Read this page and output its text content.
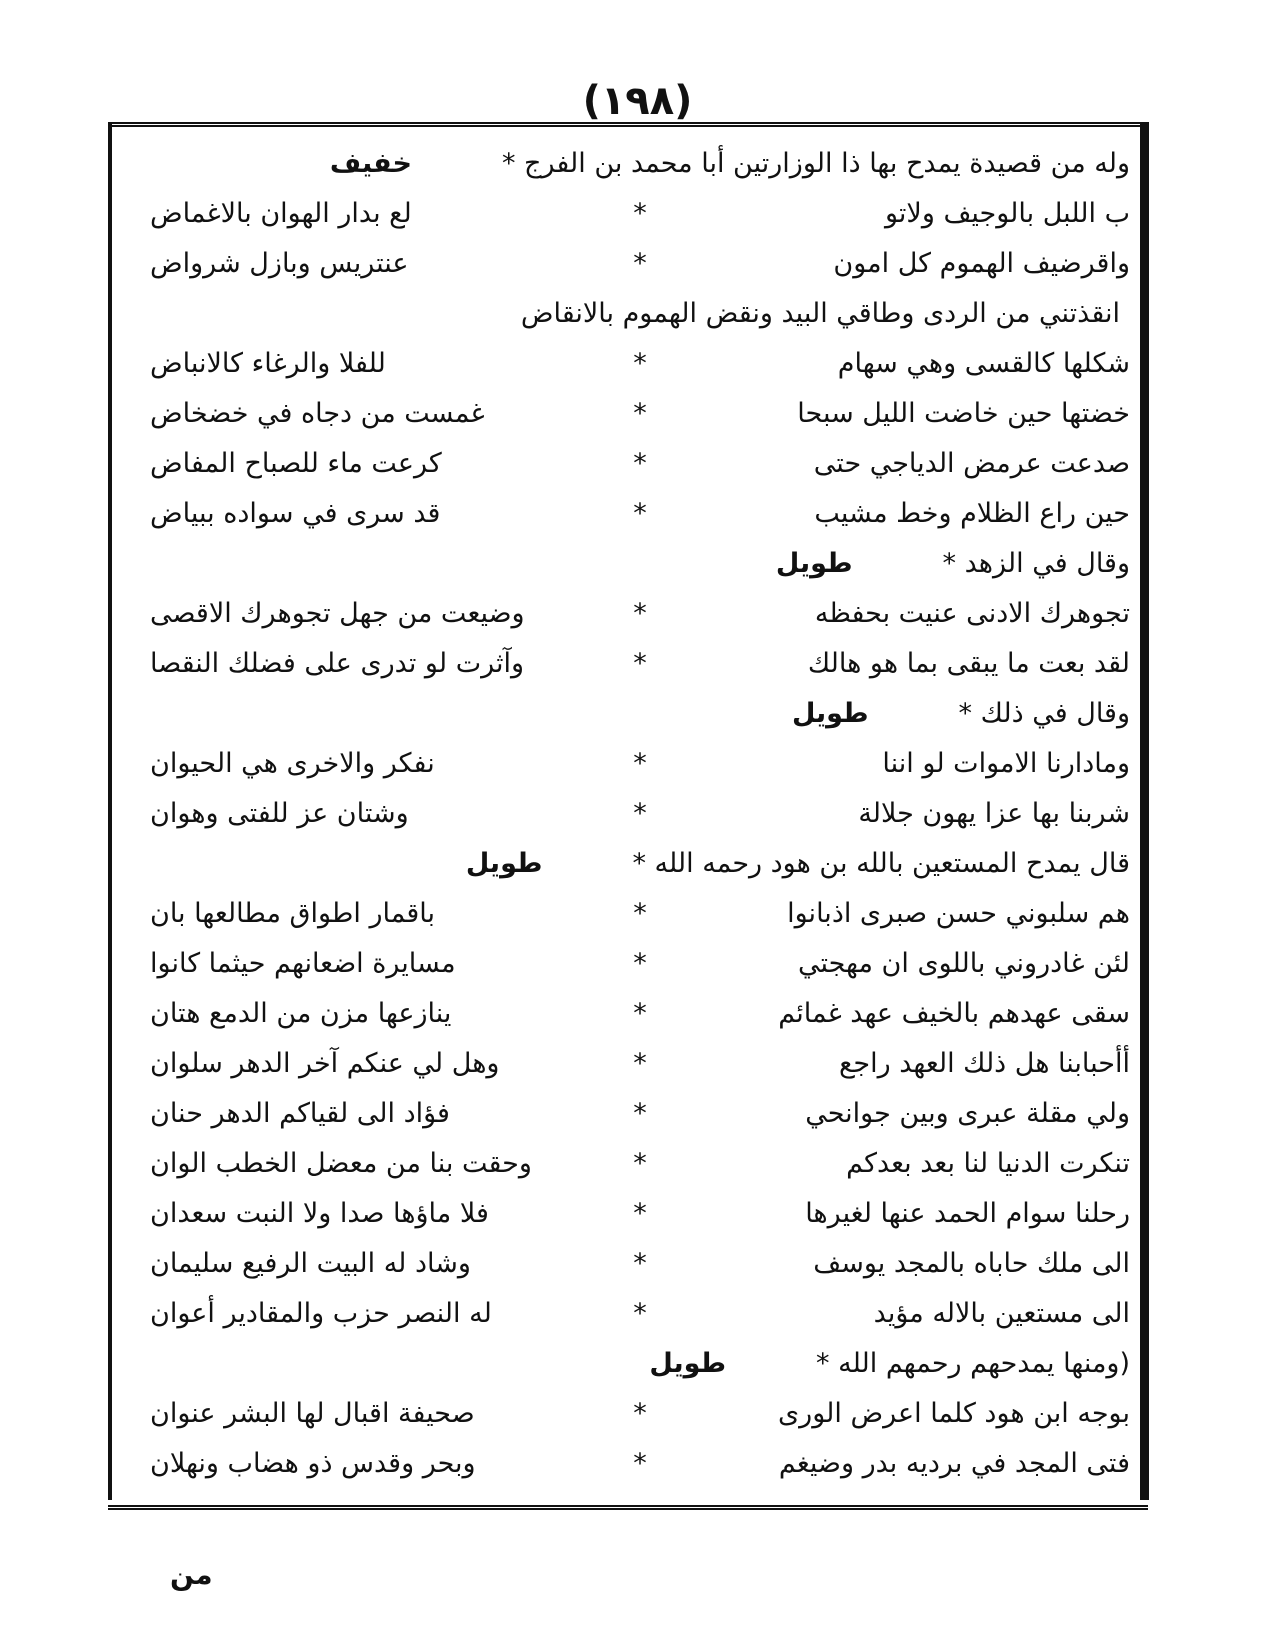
(١٩٨)
وله من قصيدة يمدح بها ذا الوزارتين أبا محمد بن الفرج *
خفيف
ب اللبل بالوجيف ولاتو
*
لع بدار الهوان بالاغماض
واقرضيف الهموم كل امون
*
عنتريس وبازل شرواض
انقذتني من الردى وطاقي البيد ونقض الهموم بالانقاض
شكلها كالقسى وهي سهام
*
للفلا والرغاء كالانباض
خضتها حين خاضت الليل سبحا
*
غمست من دجاه في خضخاض
صدعت عرمض الدياجي حتى
*
كرعت ماء للصباح المفاض
حين راع الظلام وخط مشيب
*
قد سرى في سواده ببياض
وقال في الزهد *
طويل
تجوهرك الادنى عنيت بحفظه
*
وضيعت من جهل تجوهرك الاقصى
لقد بعت ما يبقى بما هو هالك
*
وآثرت لو تدرى على فضلك النقصا
وقال في ذلك *
طويل
ومادارنا الاموات لو اننا
*
نفكر والاخرى هي الحيوان
شربنا بها عزا يهون جلالة
*
وشتان عز للفتى وهوان
قال يمدح المستعين بالله بن هود رحمه الله *
طويل
هم سلبوني حسن صبرى اذبانوا
*
باقمار اطواق مطالعها بان
لئن غادروني باللوى ان مهجتي
*
مسايرة اضعانهم حيثما كانوا
سقى عهدهم بالخيف عهد غمائم
*
ينازعها مزن من الدمع هتان
أأحبابنا هل ذلك العهد راجع
*
وهل لي عنكم آخر الدهر سلوان
ولي مقلة عبرى وبين جوانحي
*
فؤاد الى لقياكم الدهر حنان
تنكرت الدنيا لنا بعد بعدكم
*
وحقت بنا من معضل الخطب الوان
رحلنا سوام الحمد عنها لغيرها
*
فلا ماؤها صدا ولا النبت سعدان
الى ملك حاباه بالمجد يوسف
*
وشاد له البيت الرفيع سليمان
الى مستعين بالاله مؤيد
*
له النصر حزب والمقادير أعوان
(ومنها يمدحهم رحمهم الله *
طويل
بوجه ابن هود كلما اعرض الورى
*
صحيفة اقبال لها البشر عنوان
فتى المجد في برديه بدر وضيغم
*
وبحر وقدس ذو هضاب ونهلان
من
